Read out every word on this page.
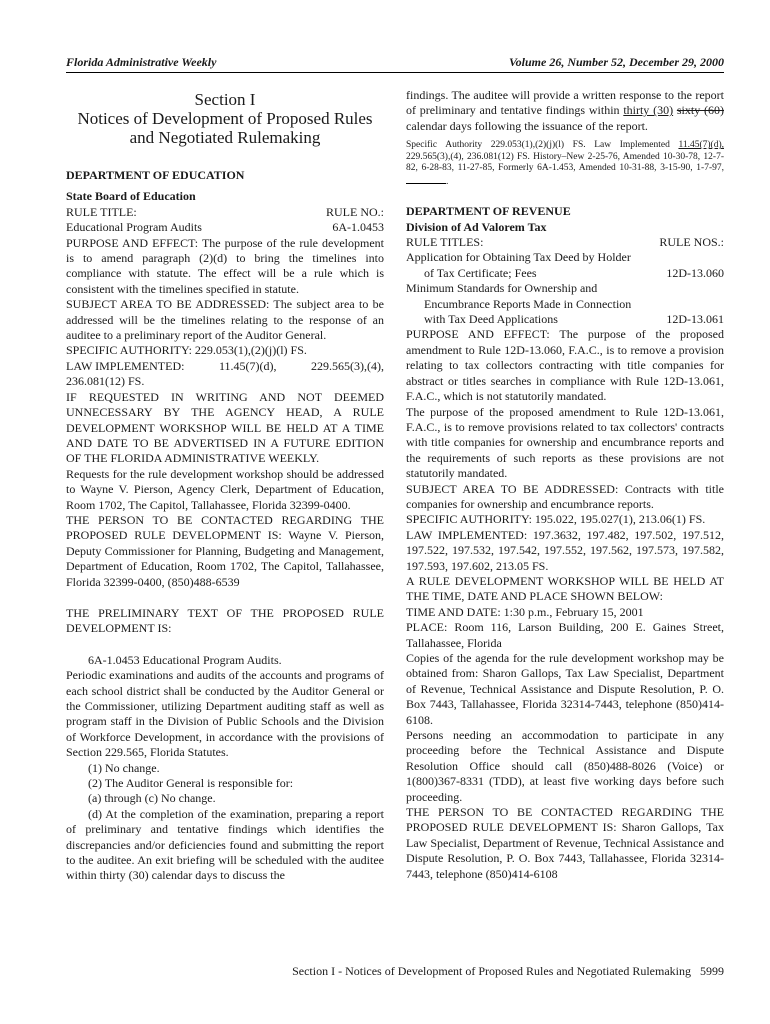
Florida Administrative Weekly	Volume 26, Number 52, December 29, 2000
Section I
Notices of Development of Proposed Rules
and Negotiated Rulemaking

DEPARTMENT OF EDUCATION

State Board of Education

RULE TITLE:	RULE NO.:
Educational Program Audits	6A-1.0453

PURPOSE AND EFFECT: The purpose of the rule development is to amend paragraph (2)(d) to bring the timelines into compliance with statute. The effect will be a rule which is consistent with the timelines specified in statute.

SUBJECT AREA TO BE ADDRESSED: The subject area to be addressed will be the timelines relating to the response of an auditee to a preliminary report of the Auditor General.

SPECIFIC AUTHORITY: 229.053(1),(2)(j)(l) FS.

LAW IMPLEMENTED:	11.45(7)(d),	229.565(3),(4),

236.081(12) FS.

IF REQUESTED IN WRITING AND NOT DEEMED UNNECESSARY BY THE AGENCY HEAD, A RULE DEVELOPMENT WORKSHOP WILL BE HELD AT A TIME AND DATE TO BE ADVERTISED IN A FUTURE EDITION OF THE FLORIDA ADMINISTRATIVE WEEKLY.

Requests for the rule development workshop should be addressed to Wayne V. Pierson, Agency Clerk, Department of Education, Room 1702, The Capitol, Tallahassee, Florida 32399-0400.

THE PERSON TO BE CONTACTED REGARDING THE PROPOSED RULE DEVELOPMENT IS: Wayne V. Pierson, Deputy Commissioner for Planning, Budgeting and Management, Department of Education, Room 1702, The Capitol, Tallahassee, Florida 32399-0400, (850)488-6539

THE PRELIMINARY TEXT OF THE PROPOSED RULE DEVELOPMENT IS:

6A-1.0453 Educational Program Audits.

Periodic examinations and audits of the accounts and programs of each school district shall be conducted by the Auditor General or the Commissioner, utilizing Department auditing staff as well as program staff in the Division of Public Schools and the Division of Workforce Development, in accordance with the provisions of Section 229.565, Florida Statutes.

(1) No change.

(2) The Auditor General is responsible for:

(a) through (c) No change.

(d) At the completion of the examination, preparing a report of preliminary and tentative findings which identifies the discrepancies and/or deficiencies found and submitting the report to the auditee. An exit briefing will be scheduled with the auditee within thirty (30) calendar days to discuss the

findings. The auditee will provide a written response to the report of preliminary and tentative findings within thirty (30) sixty (60) calendar days following the issuance of the report.

Specific Authority 229.053(1),(2)(j)(l) FS. Law Implemented 11.45(7)(d), 229.565(3),(4), 236.081(12) FS. History–New 2-25-76, Amended 10-30-78, 12-7-82, 6-28-83, 11-27-85, Formerly 6A-1.453, Amended 10-31-88, 3-15-90, 1-7-97,.

DEPARTMENT OF REVENUE

Division of Ad Valorem Tax

RULE TITLES:	RULE NOS.:

Application for Obtaining Tax Deed by Holder

of Tax Certificate; Fees	12D-13.060

Minimum Standards for Ownership and

Encumbrance Reports Made in Connection

with Tax Deed Applications	12D-13.061

PURPOSE AND EFFECT: The purpose of the proposed amendment to Rule 12D-13.060, F.A.C., is to remove a provision relating to tax collectors contracting with title companies for abstract or titles searches in compliance with Rule 12D-13.061, F.A.C., which is not statutorily mandated.

The purpose of the proposed amendment to Rule 12D-13.061, F.A.C., is to remove provisions related to tax collectors' contracts with title companies for ownership and encumbrance reports and the requirements of such reports as these provisions are not statutorily mandated.

SUBJECT AREA TO BE ADDRESSED: Contracts with title companies for ownership and encumbrance reports.

SPECIFIC AUTHORITY: 195.022, 195.027(1), 213.06(1) FS.

LAW IMPLEMENTED: 197.3632, 197.482, 197.502, 197.512, 197.522, 197.532, 197.542, 197.552, 197.562, 197.573, 197.582, 197.593, 197.602, 213.05 FS.

A RULE DEVELOPMENT WORKSHOP WILL BE HELD AT THE TIME, DATE AND PLACE SHOWN BELOW:

TIME AND DATE: 1:30 p.m., February 15, 2001

PLACE: Room 116, Larson Building, 200 E. Gaines Street, Tallahassee, Florida

Copies of the agenda for the rule development workshop may be obtained from: Sharon Gallops, Tax Law Specialist, Department of Revenue, Technical Assistance and Dispute Resolution, P. O. Box 7443, Tallahassee, Florida 32314-7443, telephone (850)414-6108.

Persons needing an accommodation to participate in any proceeding before the Technical Assistance and Dispute Resolution Office should call (850)488-8026 (Voice) or 1(800)367-8331 (TDD), at least five working days before such proceeding.

THE PERSON TO BE CONTACTED REGARDING THE PROPOSED RULE DEVELOPMENT IS: Sharon Gallops, Tax Law Specialist, Department of Revenue, Technical Assistance and Dispute Resolution, P. O. Box 7443, Tallahassee, Florida 32314-7443, telephone (850)414-6108

Section I - Notices of Development of Proposed Rules and Negotiated Rulemaking 5999
